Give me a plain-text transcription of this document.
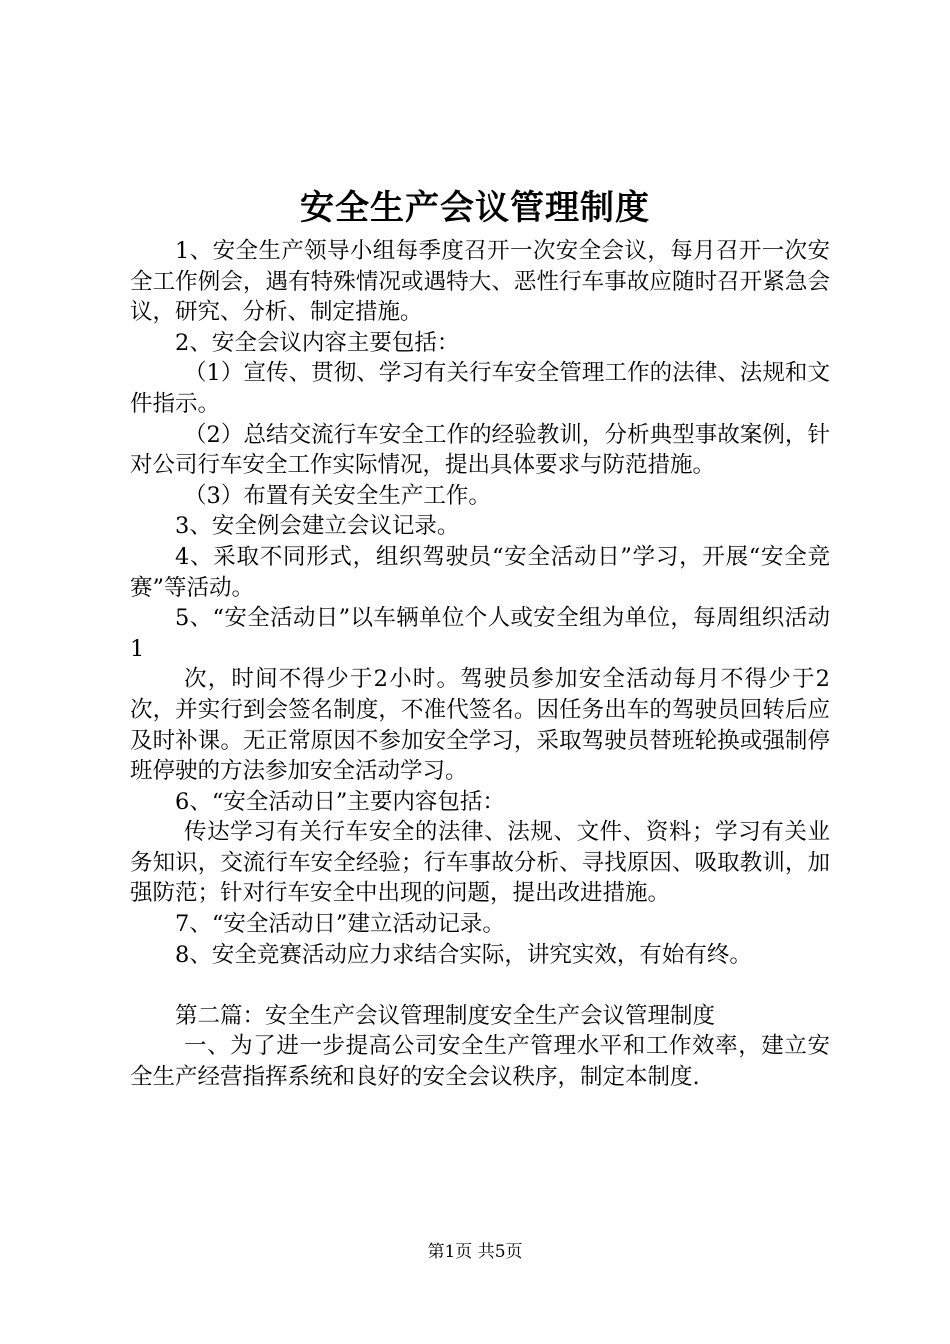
安全生产会议管理制度

1、安全生产领导小组每季度召开一次安全会议，每月召开一次安全工作例会，遇有特殊情况或遇特大、恶性行车事故应随时召开紧急会议，研究、分析、制定措施。

2、安全会议内容主要包括：

（1）宣传、贯彻、学习有关行车安全管理工作的法律、法规和文件指示。

（2）总结交流行车安全工作的经验教训，分析典型事故案例，针对公司行车安全工作实际情况，提出具体要求与防范措施。

（3）布置有关安全生产工作。

3、安全例会建立会议记录。

4、采取不同形式，组织驾驶员“安全活动日”学习，开展“安全竞赛”等活动。

5、“安全活动日”以车辆单位个人或安全组为单位，每周组织活动1

次，时间不得少于2小时。驾驶员参加安全活动每月不得少于2次，并实行到会签名制度，不准代签名。因任务出车的驾驶员回转后应及时补课。无正常原因不参加安全学习，采取驾驶员替班轮换或强制停班停驶的方法参加安全活动学习。

6、“安全活动日”主要内容包括：

传达学习有关行车安全的法律、法规、文件、资料；学习有关业务知识，交流行车安全经验；行车事故分析、寻找原因、吸取教训，加强防范；针对行车安全中出现的问题，提出改进措施。

7、“安全活动日”建立活动记录。

8、安全竞赛活动应力求结合实际，讲究实效，有始有终。

第二篇：安全生产会议管理制度安全生产会议管理制度

一、为了进一步提高公司安全生产管理水平和工作效率，建立安全生产经营指挥系统和良好的安全会议秩序，制定本制度.

第1页 共5页
